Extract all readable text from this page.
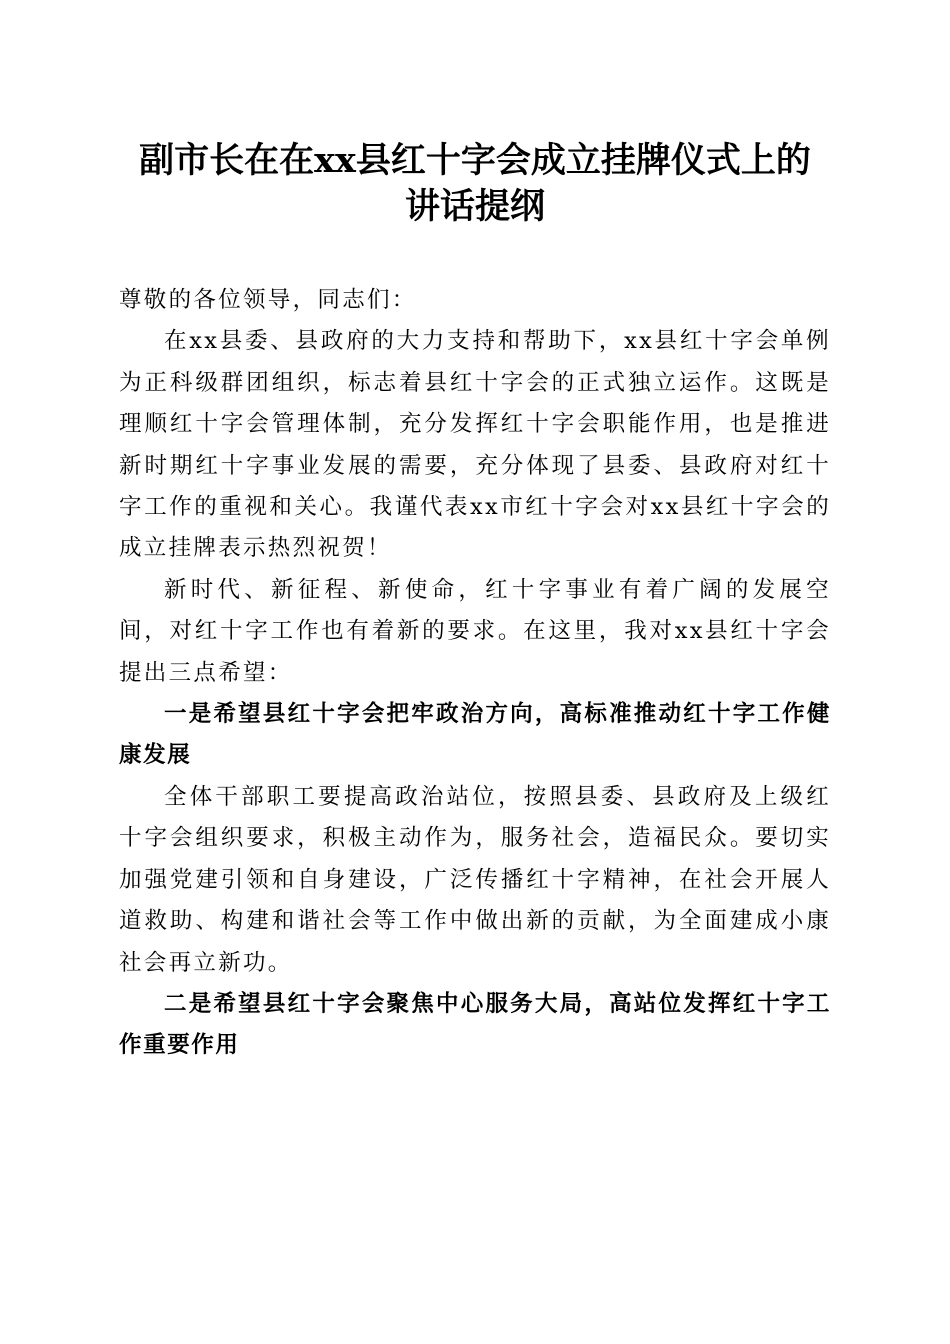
副市长在在xx县红十字会成立挂牌仪式上的
讲话提纲

尊敬的各位领导，同志们：

在xx县委、县政府的大力支持和帮助下，xx县红十字会单例为正科级群团组织，标志着县红十字会的正式独立运作。这既是理顺红十字会管理体制，充分发挥红十字会职能作用，也是推进新时期红十字事业发展的需要，充分体现了县委、县政府对红十字工作的重视和关心。我谨代表xx市红十字会对xx县红十字会的成立挂牌表示热烈祝贺！

新时代、新征程、新使命，红十字事业有着广阔的发展空间，对红十字工作也有着新的要求。在这里，我对xx县红十字会提出三点希望：

一是希望县红十字会把牢政治方向，高标准推动红十字工作健康发展

全体干部职工要提高政治站位，按照县委、县政府及上级红十字会组织要求，积极主动作为，服务社会，造福民众。要切实加强党建引领和自身建设，广泛传播红十字精神，在社会开展人道救助、构建和谐社会等工作中做出新的贡献，为全面建成小康社会再立新功。

二是希望县红十字会聚焦中心服务大局，高站位发挥红十字工作重要作用
